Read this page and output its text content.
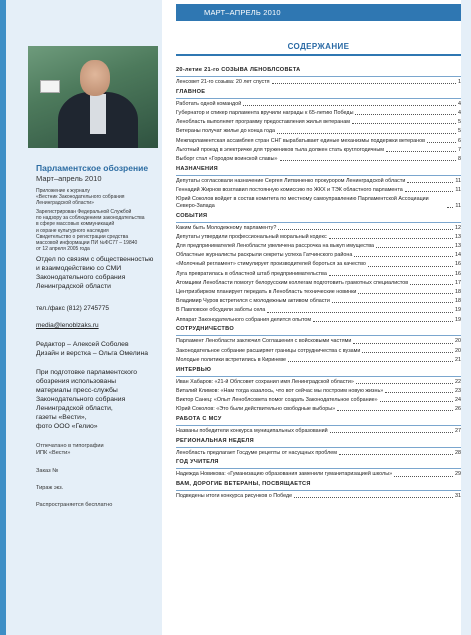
Парламентское обозрение
Март–апрель 2010
Приложение к журналу
«Вестник Законодательного собрания
Ленинградской области»
Зарегистрирован Федеральной Службой
по надзору за соблюдением законодательства
в сфере массовых коммуникаций
и охране культурного наследия
Свидетельство о регистрации средства
массовой информации ПИ №ФС77 – 19840
от 12 апреля 2005 года
Отдел по связям с общественностью
и взаимодействию со СМИ
Законодательного собрания
Ленинградской области
тел./факс (812) 2745775
media@lenoblzaks.ru
Редактор – Алексей Соболев
Дизайн и верстка – Ольга Омелина
При подготовке парламентского
обозрения использованы
материалы пресс-службы
Законодательного собрания
Ленинградской области,
газеты «Вести»,
фото ООО «Гелио»
Отпечатано в типографии
ИПК «Вести»
Заказ №
Тираж экз.
Распространяется бесплатно
МАРТ–АПРЕЛЬ 2010
СОДЕРЖАНИЕ
20-летие 21-го СОЗЫВА ЛЕНОБЛСОВЕТА
Ленсовет 21-го созыва: 20 лет спустя	1
ГЛАВНОЕ
Работать одной командой	4
Губернатор и спикер парламента вручили награды к 65-летию Победы	4
Ленобласть выполняет программу предоставления жилья ветеранам	5
Ветераны получат жилье до конца года	5
Межпарламентская ассамблея стран СНГ вырабатывает единые механизмы поддержки ветеранов	6
Льготный проезд в электричке для тружеников тыла должен стать круглогодичным	7
Выборг стал «Городом воинской славы»	8
НАЗНАЧЕНИЯ
Депутаты согласовали назначение Сергея Литвиненко прокурором Ленинградской области	11
Геннадий Жирнов возглавил постоянную комиссию по ЖКХ и ТЭК областного парламента	11
Юрий Соколов войдет в состав комитета по местному самоуправлению Парламентской Ассоциации Северо-Запада	11
СОБЫТИЯ
Каким быть Молодежному парламенту?	12
Депутаты утвердили профессиональный моральный кодекс	13
Для предпринимателей Ленобласти увеличена рассрочка на выкуп имущества	13
Областные журналисты раскрыли секреты успеха Гатчинского района	14
«Молочный регламент» стимулирует производителей бороться за качество	16
Луга превратилась в областной штаб предпринимательства	16
Атомщики Ленобласти помогут белорусским коллегам подготовить грамотных специалистов	17
Центризбирком планирует передать в Ленобласть технические новинки	18
Владимир Чуров встретился с молодежным активом области	18
В Павловске обсудили заботы села	19
Аппарат Законодательного собрания делится опытом	19
СОТРУДНИЧЕСТВО
Парламент Ленобласти заключил Соглашения с войсковыми частями	20
Законодательное собрание расширяет границы сотрудничества с вузами	20
Молодые политики встретились в Кириневе	21
ИНТЕРВЬЮ
Иван Хабаров: «21-й Облсовет сохранил имя Ленинградской области»	22
Виталий Климов: «Нам тогда казалось, что вот сейчас мы построим новую жизнь»	23
Виктор Санец: «Опыт Леноблсовета помог создать Законодательное собрание»	24
Юрий Соколов: «Это были действительно свободные выборы»	26
РАБОТА С МСУ
Названы победители конкурса муниципальных образований	27
РЕГИОНАЛЬНАЯ НЕДЕЛЯ
Ленобласть предлагает Госдуме рецепты от насущных проблем	28
ГОД УЧИТЕЛЯ
Надежда Новикова: «Гуманизацию образования заменили гуманитаризацией школы»	29
ВАМ, ДОРОГИЕ ВЕТЕРАНЫ, ПОСВЯЩАЕТСЯ
Подведены итоги конкурса рисунков о Победе	31
